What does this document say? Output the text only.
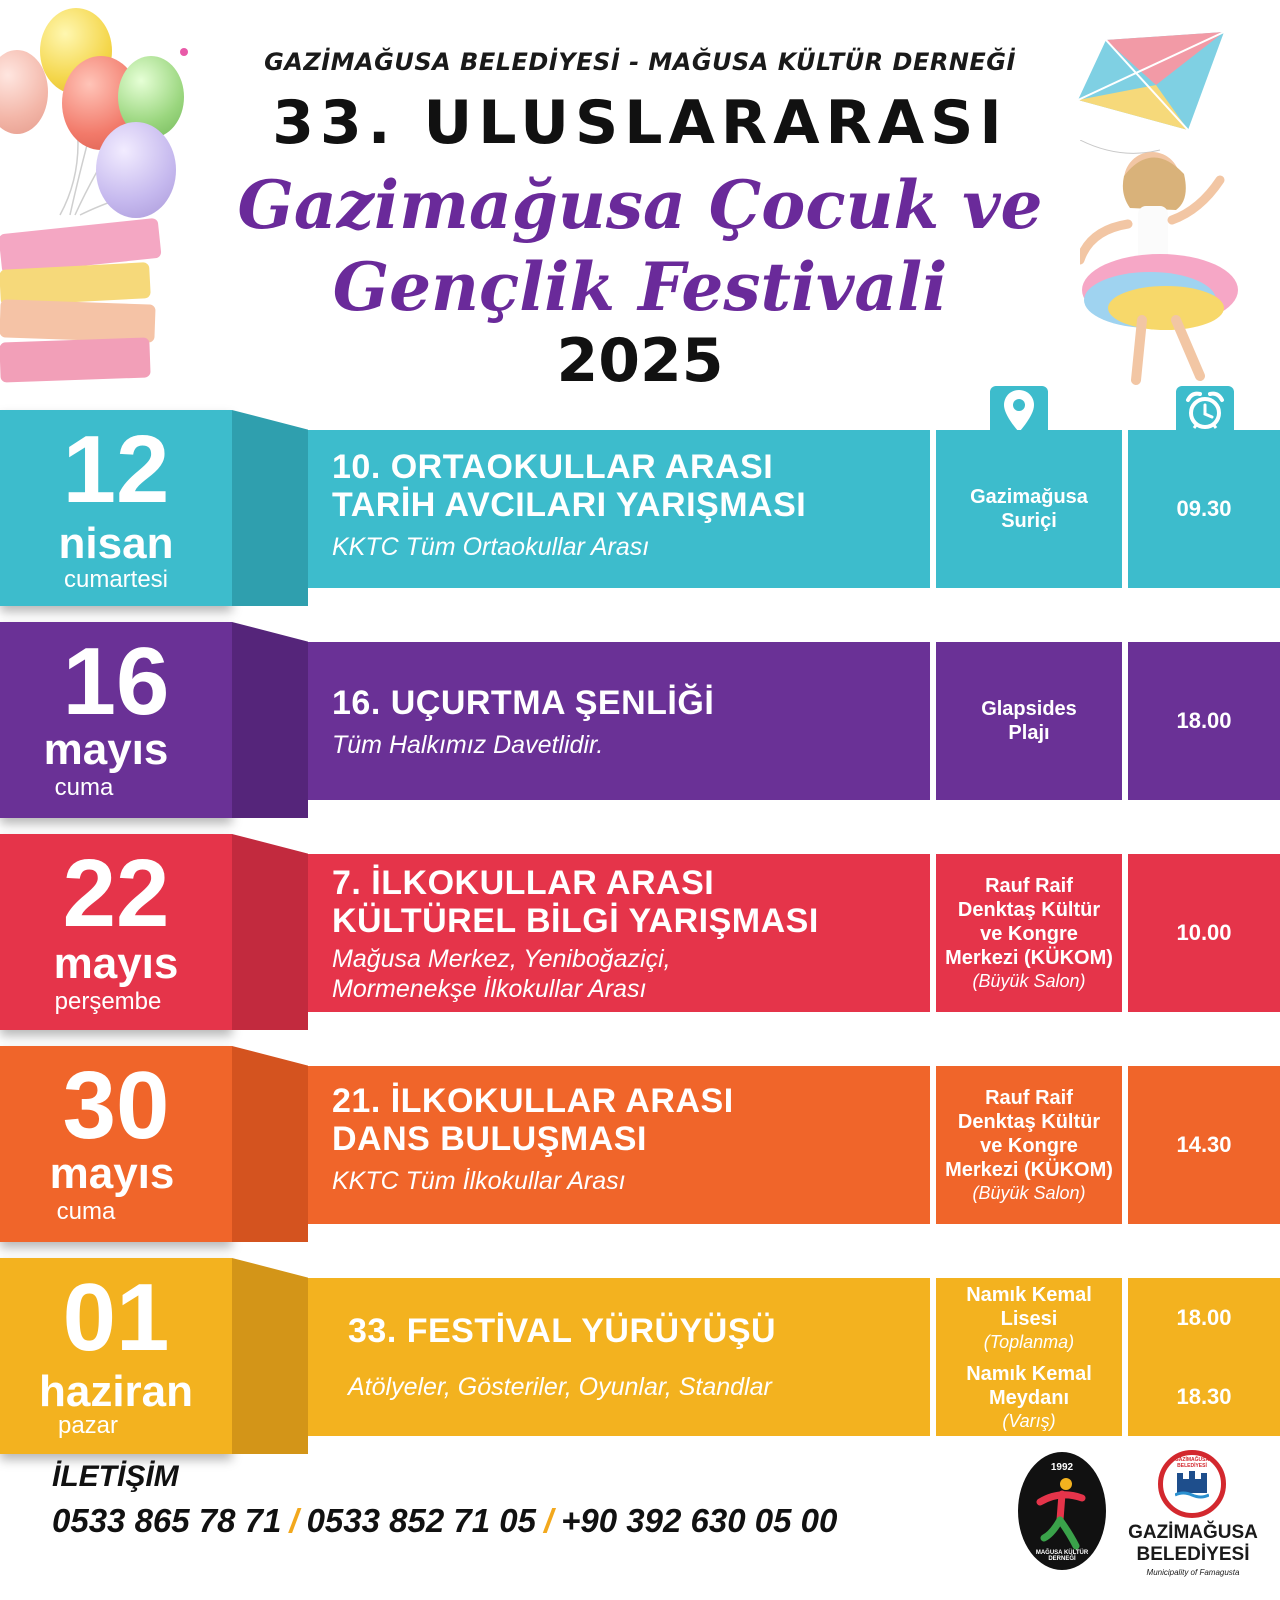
GAZİMAĞUSA BELEDİYESİ - MAĞUSA KÜLTÜR DERNEĞİ
33. ULUSLARARASI
Gazimağusa Çocuk ve
Gençlik Festivali
2025
12
nisan
cumartesi
10. ORTAOKULLAR ARASI
TARİH AVCILARI YARIŞMASI
KKTC Tüm Ortaokullar Arası
Gazimağusa
Suriçi	09.30
16
mayıs
cuma
16. UÇURTMA ŞENLİĞİ
Tüm Halkımız Davetlidir.
Glapsides
Plajı	18.00
22
mayıs
perşembe
7. İLKOKULLAR ARASI
KÜLTÜREL BİLGİ YARIŞMASI
Mağusa Merkez, Yeniboğaziçi,
Mormenekşe İlkokullar Arası
Rauf Raif
Denktaş Kültür
ve Kongre
Merkezi (KÜKOM)
(Büyük Salon)
10.00
30
mayıs
cuma
21. İLKOKULLAR ARASI
DANS BULUŞMASI
KKTC Tüm İlkokullar Arası
Rauf Raif
Denktaş Kültür
ve Kongre
Merkezi (KÜKOM)
(Büyük Salon)
14.30
01
haziran
pazar
33. FESTİVAL YÜRÜYÜŞÜ
Atölyeler, Gösteriler, Oyunlar, Standlar
Namık Kemal
Lisesi
(Toplanma)
Namık Kemal
Meydanı
(Varış)
18.00
18.30
İLETİŞİM
0533 865 78 71 / 0533 852 71 05 / +90 392 630 05 00
1992
MAĞUSA KÜLTÜR DERNEĞİ
GAZİMAĞUSA BELEDİYESİ
GAZİMAĞUSA
BELEDİYESİ
Municipality of Famagusta
